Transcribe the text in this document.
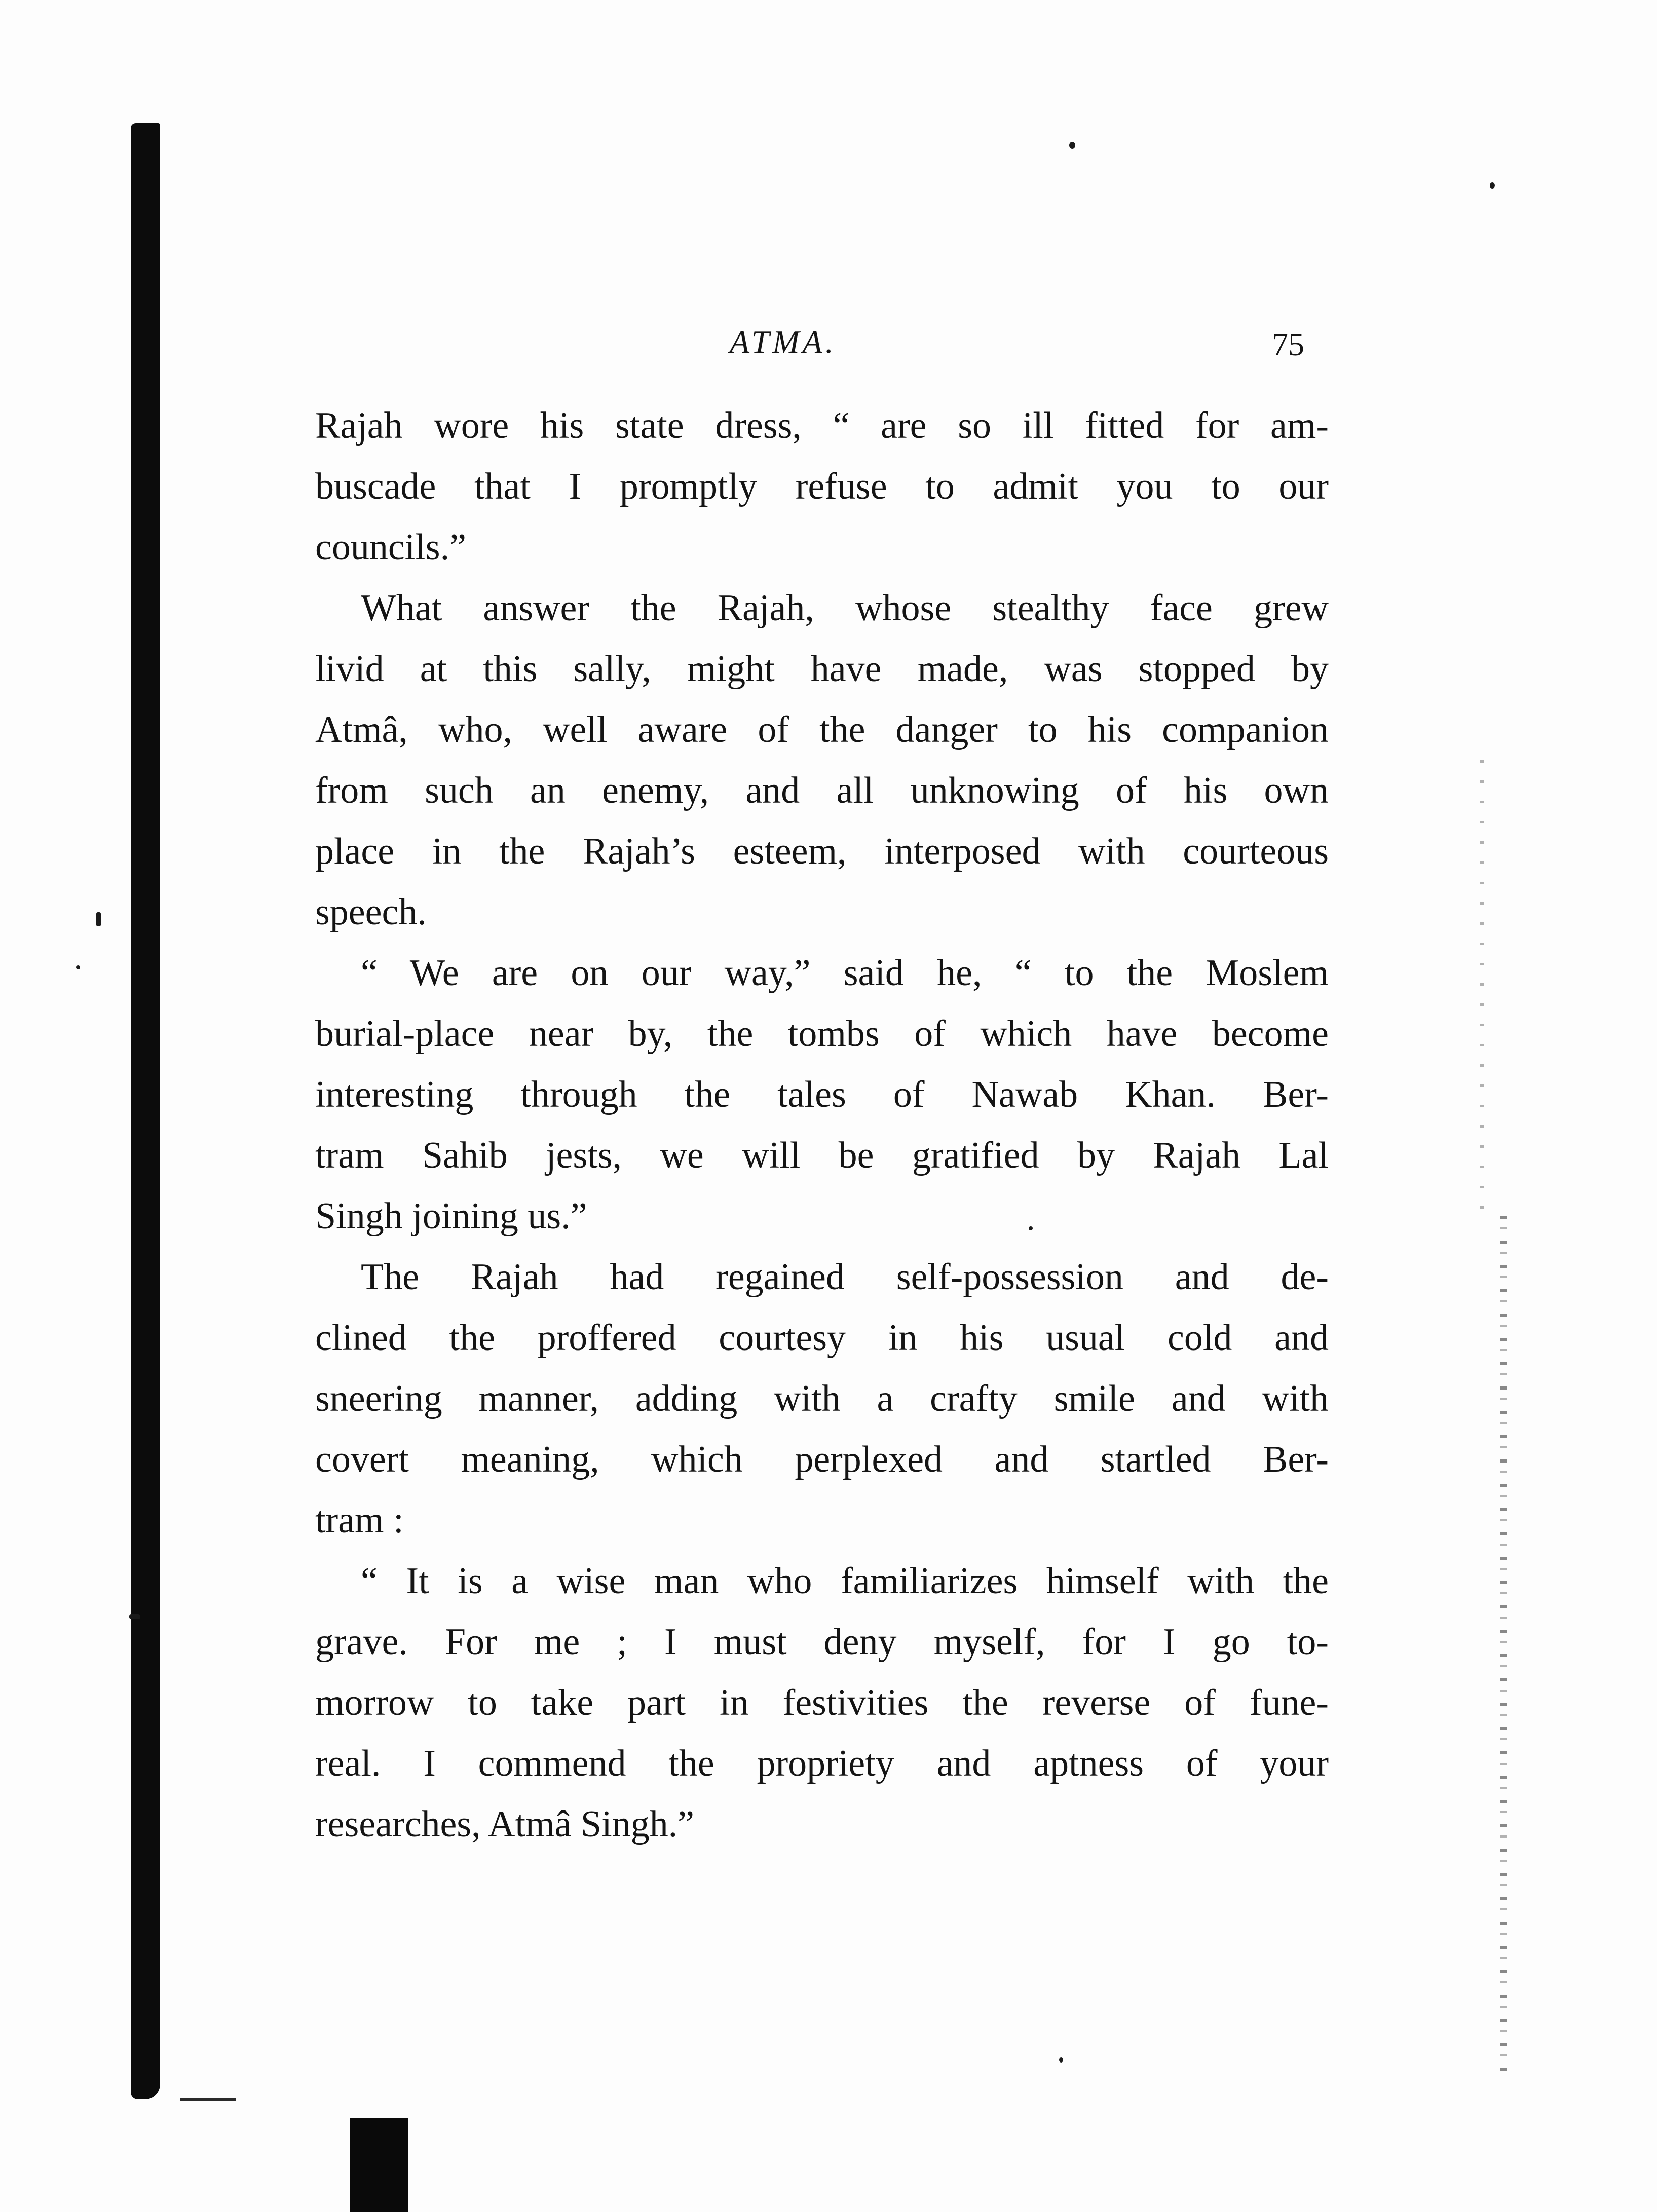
ATMA.	75
Rajah wore his state dress, “ are so ill fitted for am-
buscade that I promptly refuse to admit you to our
councils.”
What answer the Rajah, whose stealthy face grew
livid at this sally, might have made, was stopped by
Atmâ, who, well aware of the danger to his companion
from such an enemy, and all unknowing of his own
place in the Rajah’s esteem, interposed with courteous
speech.
“ We are on our way,” said he, “ to the Moslem
burial-place near by, the tombs of which have become
interesting through the tales of Nawab Khan. Ber-
tram Sahib jests, we will be gratified by Rajah Lal
Singh joining us.”
The Rajah had regained self-possession and de-
clined the proffered courtesy in his usual cold and
sneering manner, adding with a crafty smile and with
covert meaning, which perplexed and startled Ber-
tram :
“ It is a wise man who familiarizes himself with the
grave. For me ; I must deny myself, for I go to-
morrow to take part in festivities the reverse of fune-
real. I commend the propriety and aptness of your
researches, Atmâ Singh.”
